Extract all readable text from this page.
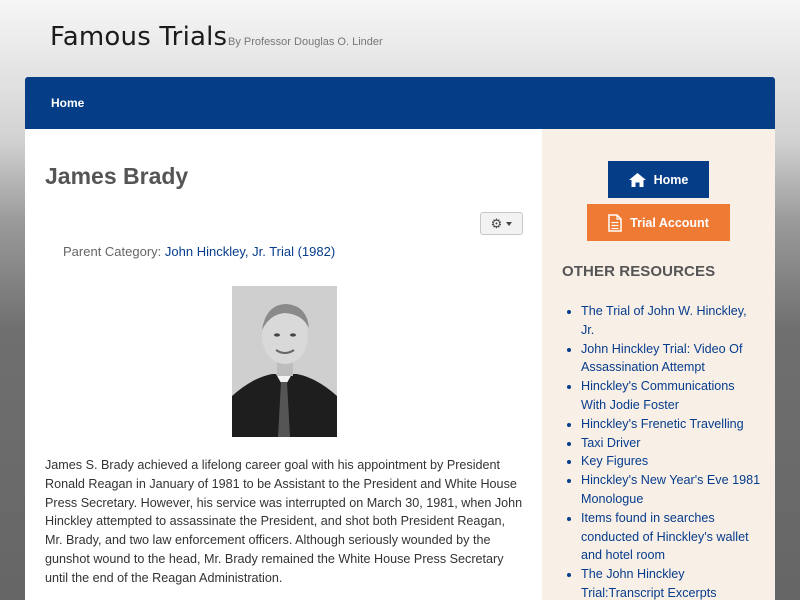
Famous Trials By Professor Douglas O. Linder
Home
James Brady
⚙
Parent Category: John Hinckley, Jr. Trial (1982)

James S. Brady achieved a lifelong career goal with his appointment by President Ronald Reagan in January of 1981 to be Assistant to the President and White House Press Secretary. However, his service was interrupted on March 30, 1981, when John Hinckley attempted to assassinate the President, and shot both President Reagan, Mr. Brady, and two law enforcement officers. Although seriously wounded by the gunshot wound to the head, Mr. Brady remained the White House Press Secretary until the end of the Reagan Administration.

Home
Trial Account
OTHER RESOURCES
• The Trial of John W. Hinckley, Jr.
• John Hinckley Trial: Video Of Assassination Attempt
• Hinckley's Communications With Jodie Foster
• Hinckley's Frenetic Travelling
• Taxi Driver
• Key Figures
• Hinckley's New Year's Eve 1981 Monologue
• Items found in searches conducted of Hinckley's wallet and hotel room
• The John Hinckley Trial:Transcript Excerpts
